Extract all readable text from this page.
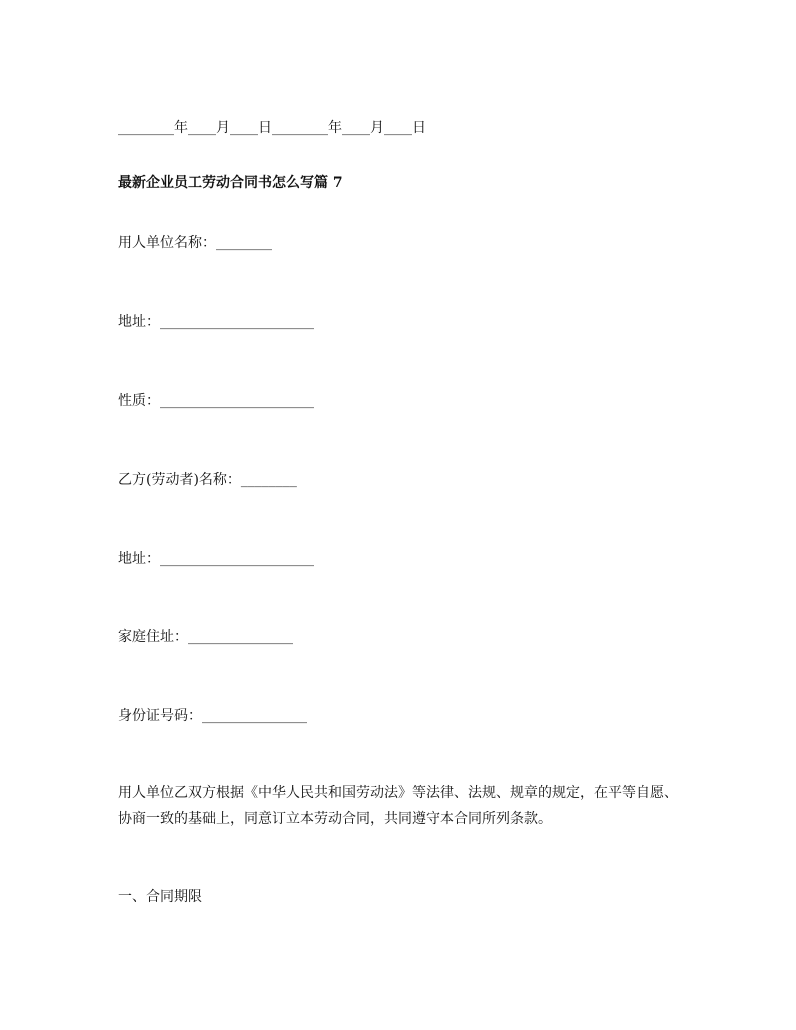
________年____月____日________年____月____日
最新企业员工劳动合同书怎么写篇 7
用人单位名称：________
地址：______________________
性质：______________________
乙方(劳动者)名称：________
地址：______________________
家庭住址：_______________
身份证号码：_______________
用人单位乙双方根据《中华人民共和国劳动法》等法律、法规、规章的规定，在平等自愿、协商一致的基础上，同意订立本劳动合同，共同遵守本合同所列条款。
一、合同期限
